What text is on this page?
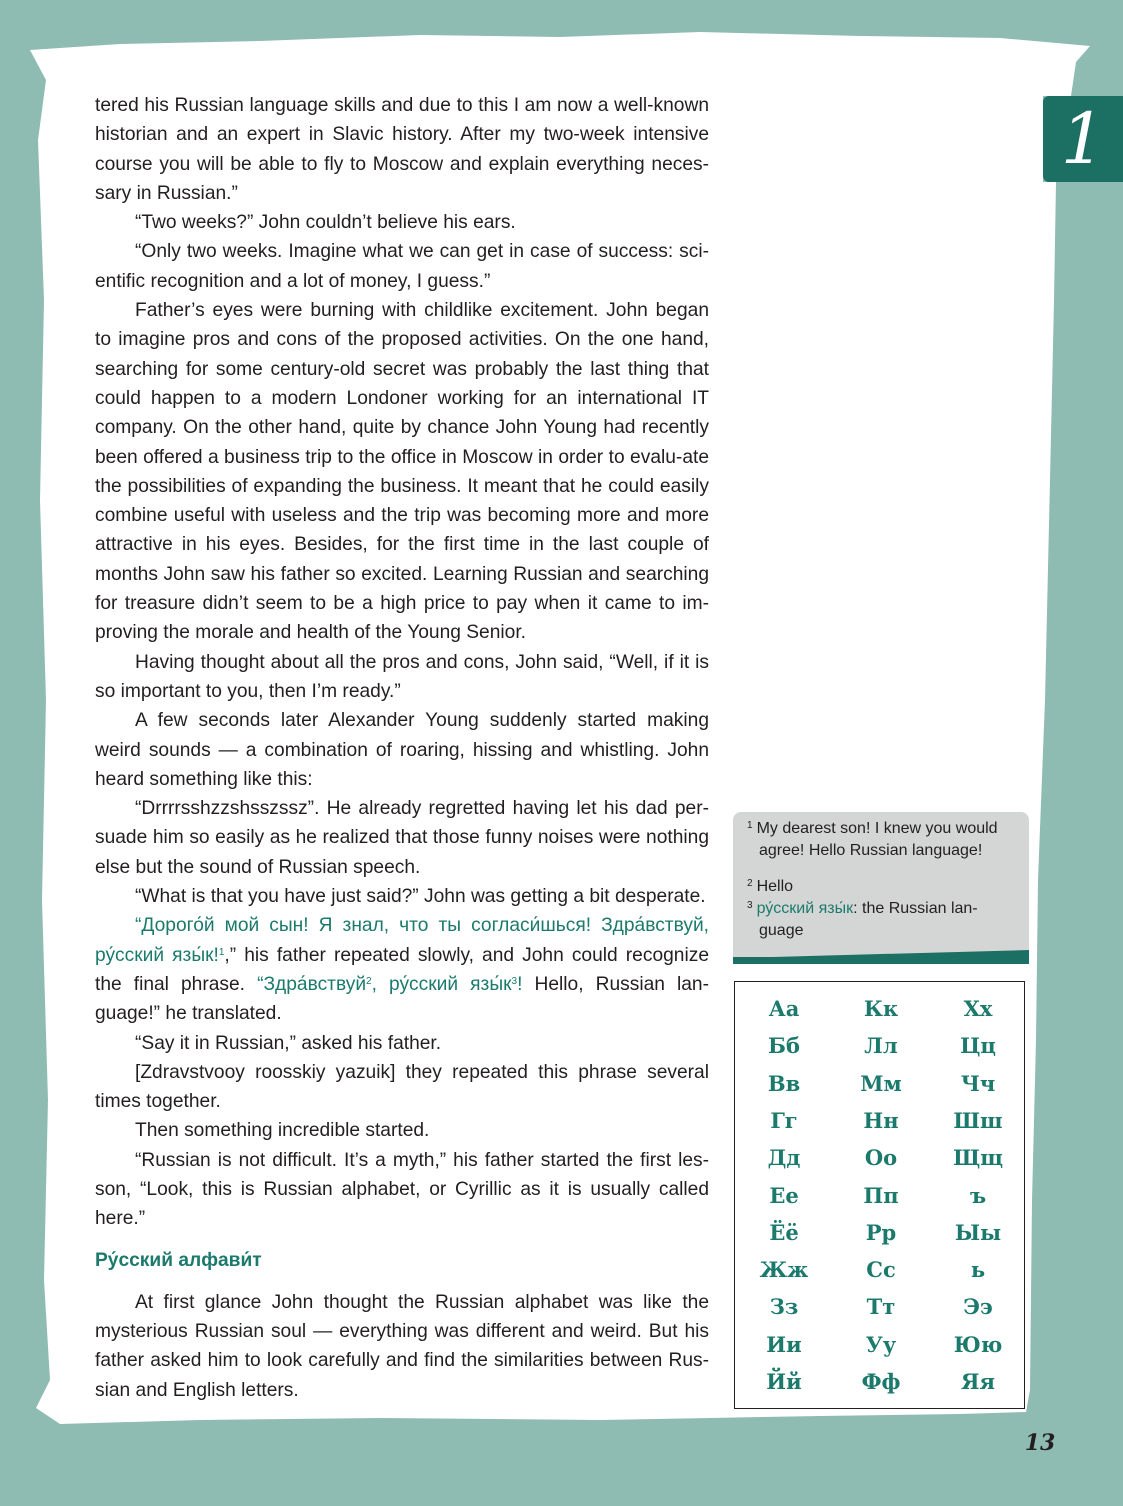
1

tered his Russian language skills and due to this I am now a well-known historian and an expert in Slavic history. After my two-week intensive course you will be able to fly to Moscow and explain everything neces-sary in Russian.”

“Two weeks?” John couldn’t believe his ears.

“Only two weeks. Imagine what we can get in case of success: sci-entific recognition and a lot of money, I guess.”

Father’s eyes were burning with childlike excitement. John began to imagine pros and cons of the proposed activities. On the one hand, searching for some century-old secret was probably the last thing that could happen to a modern Londoner working for an international IT company. On the other hand, quite by chance John Young had recently been offered a business trip to the office in Moscow in order to evalu-ate the possibilities of expanding the business. It meant that he could easily combine useful with useless and the trip was becoming more and more attractive in his eyes. Besides, for the first time in the last couple of months John saw his father so excited. Learning Russian and searching for treasure didn’t seem to be a high price to pay when it came to im-proving the morale and health of the Young Senior.

Having thought about all the pros and cons, John said, “Well, if it is so important to you, then I’m ready.”

A few seconds later Alexander Young suddenly started making weird sounds — a combination of roaring, hissing and whistling. John heard something like this:

“Drrrrsshzzshsszssz”. He already regretted having let his dad per-suade him so easily as he realized that those funny noises were nothing else but the sound of Russian speech.

“What is that you have just said?” John was getting a bit desperate.

“Дорого́й мой сын! Я знал, что ты согласи́шься! Здра́вствуй, ру́сский язы́к!$^1$,” his father repeated slowly, and John could recognize the final phrase. “Здра́вствуй$^2$, ру́сский $язы́к^3$! Hello, Russian lan-guage!” he translated.

“Say it in Russian,” asked his father.

[Zdravstvooy roosskiy yazuik] they repeated this phrase several times together.

Then something incredible started.

“Russian is not difficult. It’s a myth,” his father started the first les-son, “Look, this is Russian alphabet, or Cyrillic as it is usually called here.”

Ру́сский алфави́т

At first glance John thought the Russian alphabet was like the mysterious Russian soul — everything was different and weird. But his father asked him to look carefully and find the similarities between Rus-sian and English letters.

$^1$ My dearest son! I knew you would agree! Hello Russian language!

$^2$ Hello

$^3$ ру́сский язы́к: the Russian lan-guage

Аа	Кк	Хх
Бб	Лл	Цц
Вв	Мм	Чч
Гг	Нн	Шш
Дд	Оо	Щщ
Ее	Пп	ъ
Ёё	Рр	Ыы
Жж	Сс	ь
Зз	Тт	Ээ
Ии	Уу	Юю
Йй	Фф	Яя
13
